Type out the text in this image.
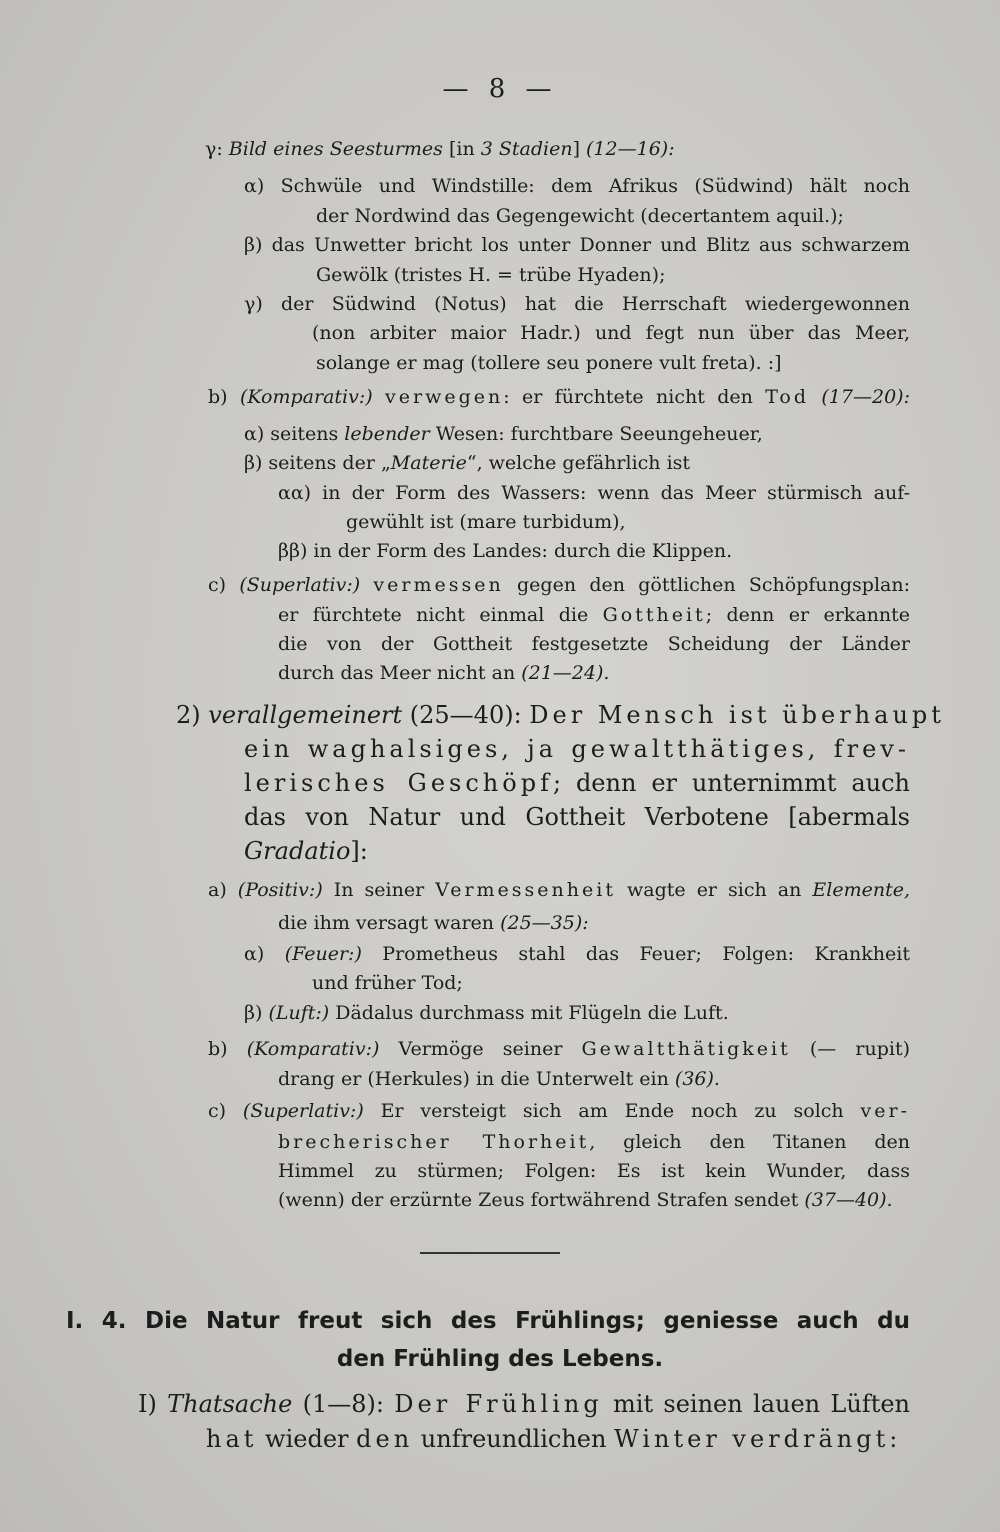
— 8 —
γ: Bild eines Seesturmes [in 3 Stadien] (12—16):
α) Schwüle und Windstille: dem Afrikus (Südwind) hält noch
der Nordwind das Gegengewicht (decertantem aquil.);
β) das Unwetter bricht los unter Donner und Blitz aus schwarzem
Gewölk (tristes H. = trübe Hyaden);
γ) der Südwind (Notus) hat die Herrschaft wiedergewonnen
(non arbiter maior Hadr.) und fegt nun über das Meer,
solange er mag (tollere seu ponere vult freta). :]
b) (Komparativ:) verwegen: er fürchtete nicht den Tod (17—20):
α) seitens lebender Wesen: furchtbare Seeungeheuer,
β) seitens der „Materie“, welche gefährlich ist
αα) in der Form des Wassers: wenn das Meer stürmisch auf-
gewühlt ist (mare turbidum),
ββ) in der Form des Landes: durch die Klippen.
c) (Superlativ:) vermessen gegen den göttlichen Schöpfungsplan:
er fürchtete nicht einmal die Gottheit; denn er erkannte
die von der Gottheit festgesetzte Scheidung der Länder
durch das Meer nicht an (21—24).
2) verallgemeinert (25—40): Der Mensch ist überhaupt
ein waghalsiges, ja gewaltthätiges, frev-
lerisches Geschöpf; denn er unternimmt auch
das von Natur und Gottheit Verbotene [abermals
Gradatio]:
a) (Positiv:) In seiner Vermessenheit wagte er sich an Elemente,
die ihm versagt waren (25—35):
α) (Feuer:) Prometheus stahl das Feuer; Folgen: Krankheit
und früher Tod;
β) (Luft:) Dädalus durchmass mit Flügeln die Luft.
b) (Komparativ:) Vermöge seiner Gewaltthätigkeit (— rupit)
drang er (Herkules) in die Unterwelt ein (36).
c) (Superlativ:) Er versteigt sich am Ende noch zu solch ver-
brecherischer Thorheit, gleich den Titanen den
Himmel zu stürmen; Folgen: Es ist kein Wunder, dass
(wenn) der erzürnte Zeus fortwährend Strafen sendet (37—40).
I. 4. Die Natur freut sich des Frühlings; geniesse auch du
den Frühling des Lebens.
I) Thatsache (1—8): Der Frühling mit seinen lauen Lüften
hat wieder den unfreundlichen Winter verdrängt:
